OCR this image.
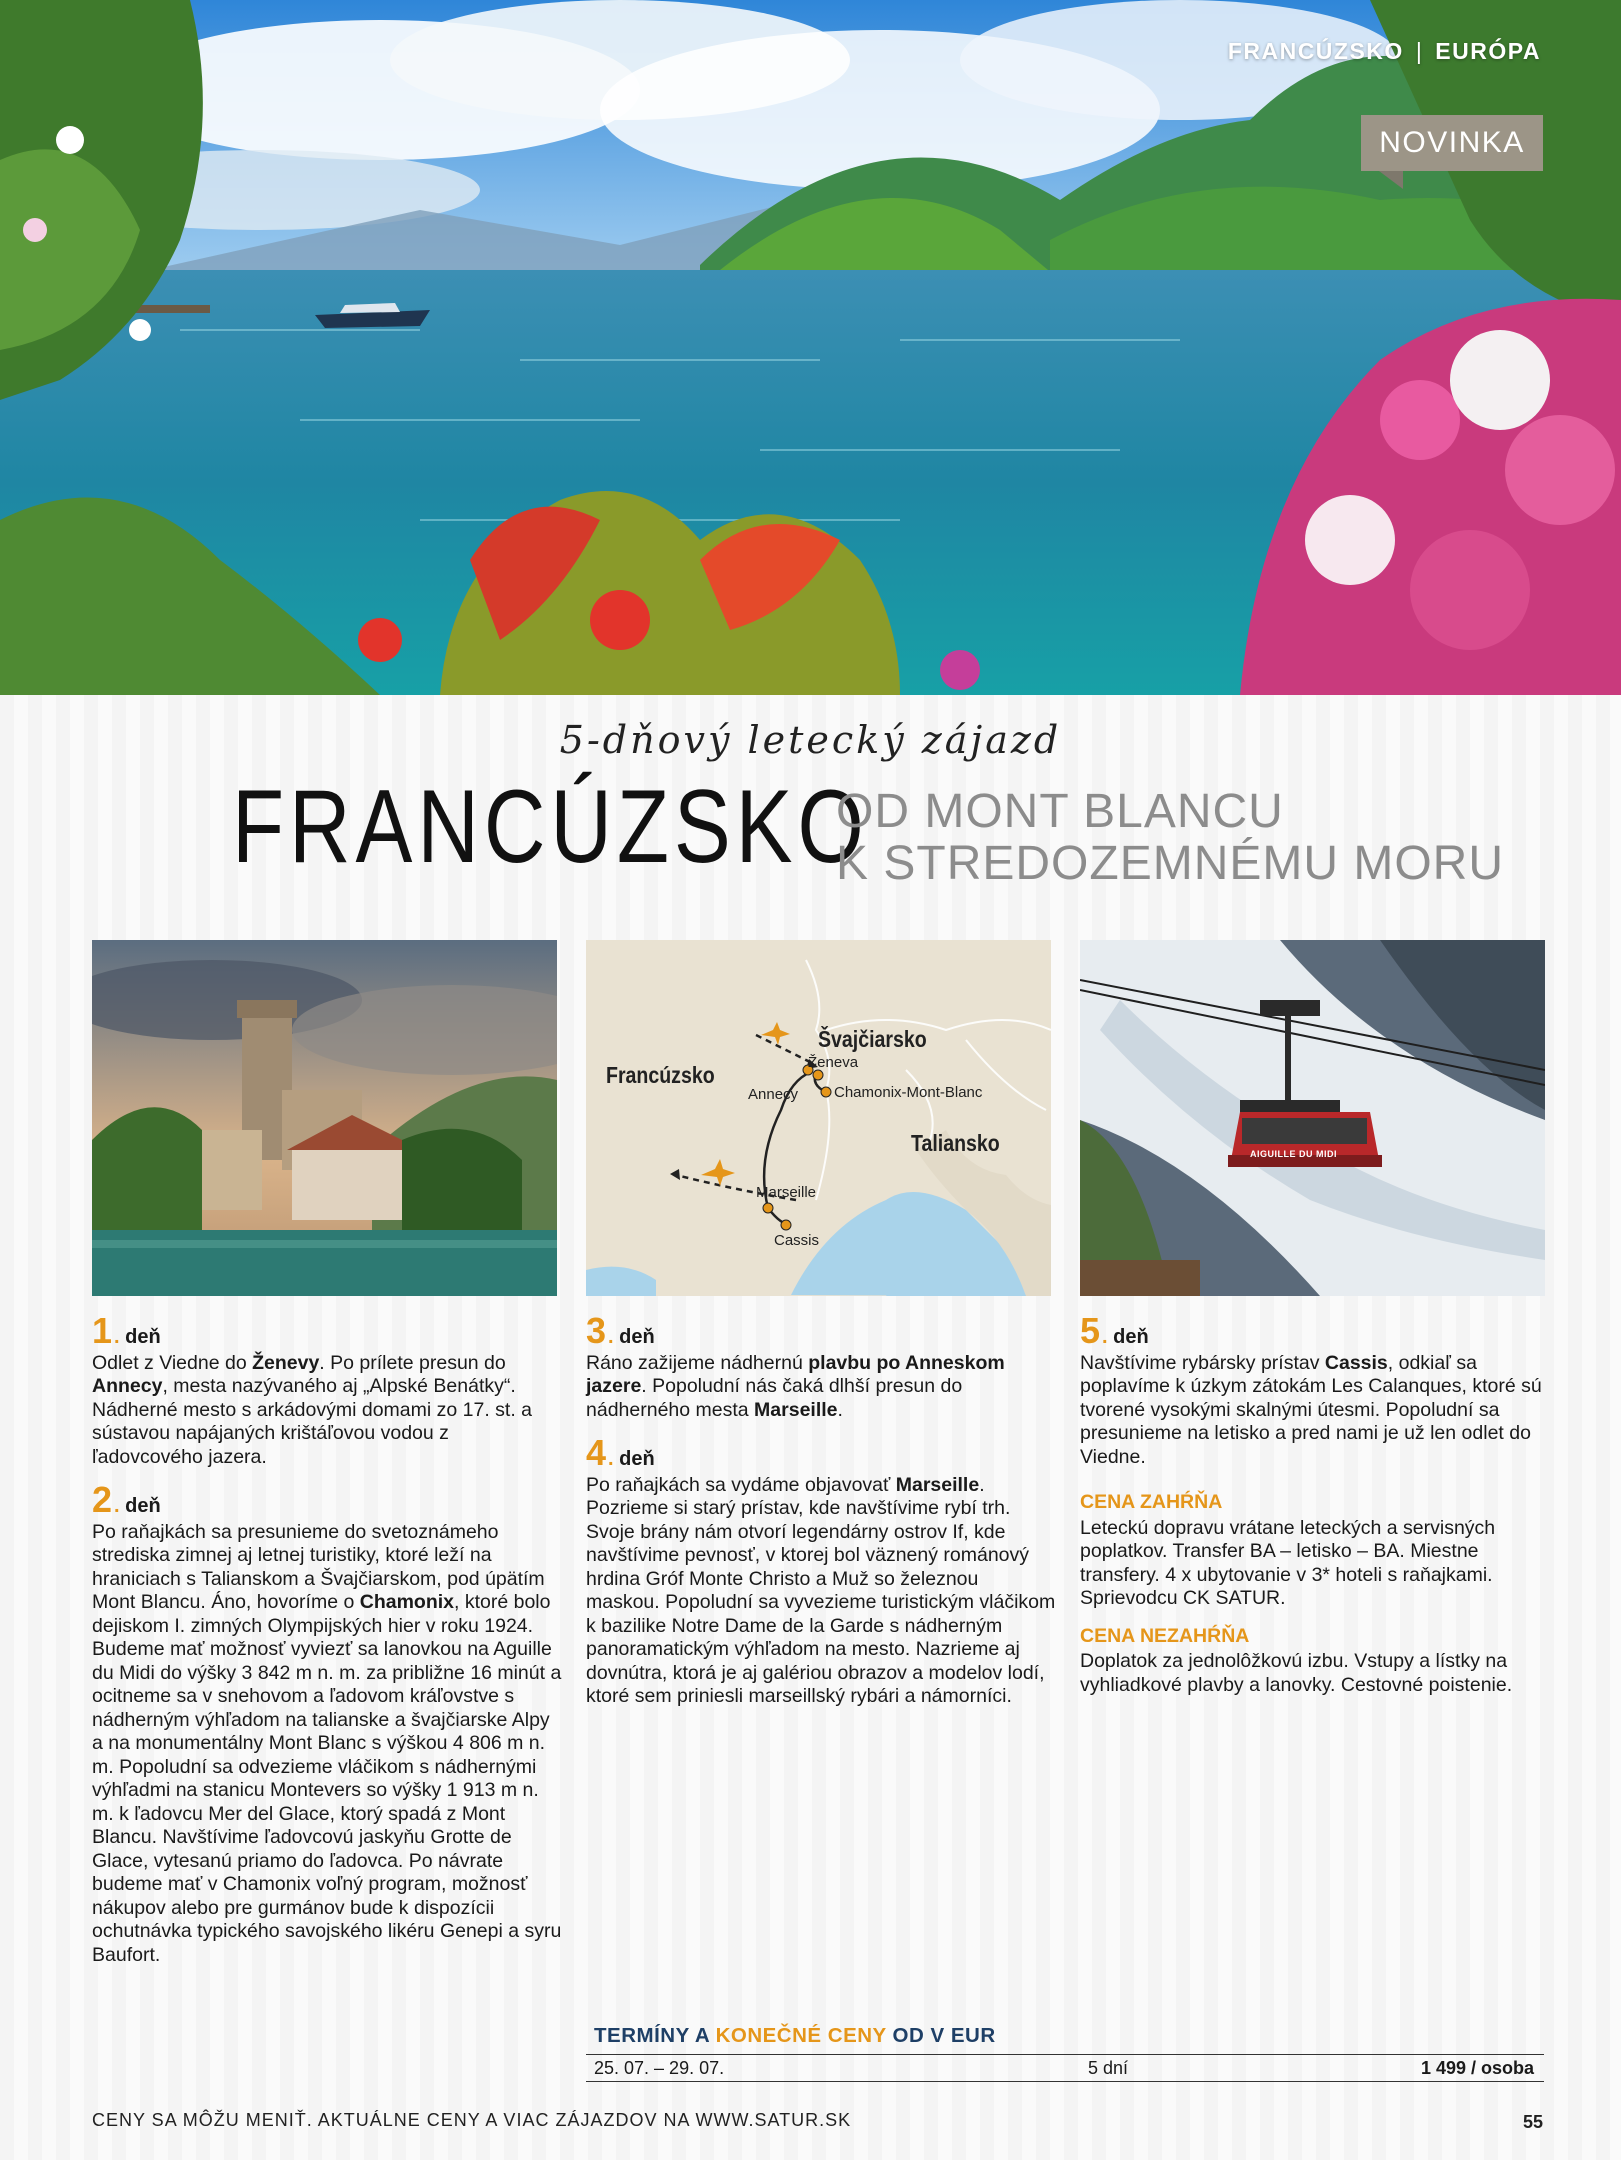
FRANCÚZSKO | EURÓPA
NOVINKA
5-dňový letecký zájazd
FRANCÚZSKO
OD MONT BLANCU
K STREDOZEMNÉMU MORU
Francúzsko
Švajčiarsko
Taliansko
Ženeva
Annecy Chamonix-Mont-Blanc
Marseille
Cassis
AIGUILLE DU MIDI
1 . deň
Odlet z Viedne do Ženevy. Po prílete presun do Annecy, mesta nazývaného aj „Alpské Benátky“. Nádherné mesto s arkádovými domami zo 17. st. a sústavou napájaných krištáľovou vodou z ľadovcového jazera.
2 . deň
Po raňajkách sa presunieme do svetoznámeho strediska zimnej aj letnej turistiky, ktoré leží na hraniciach s Talianskom a Švajčiarskom, pod úpätím Mont Blancu. Áno, hovoríme o Chamonix, ktoré bolo dejiskom I. zimných Olympijských hier v roku 1924. Budeme mať možnosť vyviezť sa lanovkou na Aguille du Midi do výšky 3 842 m n. m. za približne 16 minút a ocitneme sa v snehovom a ľadovom kráľovstve s nádherným výhľadom na talianske a švajčiarske Alpy a na monumentálny Mont Blanc s výškou 4 806 m n. m. Popoludní sa odvezieme vláčikom s nádhernými výhľadmi na stanicu Montevers so výšky 1 913 m n. m. k ľadovcu Mer del Glace, ktorý spadá z Mont Blancu. Navštívime ľadovcovú jaskyňu Grotte de Glace, vytesanú priamo do ľadovca. Po návrate budeme mať v Chamonix voľný program, možnosť nákupov alebo pre gurmánov bude k dispozícii ochutnávka typického savojského likéru Genepi a syru Baufort.
3 . deň
Ráno zažijeme nádhernú plavbu po Anneskom jazere. Popoludní nás čaká dlhší presun do nádherného mesta Marseille.
4 . deň
Po raňajkách sa vydáme objavovať Marseille. Pozrieme si starý prístav, kde navštívime rybí trh. Svoje brány nám otvorí legendárny ostrov If, kde navštívime pevnosť, v ktorej bol väznený románový hrdina Gróf Monte Christo a Muž so železnou maskou. Popoludní sa vyvezieme turistickým vláčikom k bazilike Notre Dame de la Garde s nádherným panoramatickým výhľadom na mesto. Nazrieme aj dovnútra, ktorá je aj galériou obrazov a modelov lodí, ktoré sem priniesli marseillský rybári a námorníci.
5 . deň
Navštívime rybársky prístav Cassis, odkiaľ sa poplavíme k úzkym zátokám Les Calanques, ktoré sú tvorené vysokými skalnými útesmi. Popoludní sa presunieme na letisko a pred nami je už len odlet do Viedne.
CENA ZAHŔŇA
Leteckú dopravu vrátane leteckých a servisných poplatkov. Transfer BA – letisko – BA. Miestne transfery. 4 x ubytovanie v 3* hoteli s raňajkami. Sprievodcu CK SATUR.
CENA NEZAHŔŇA
Doplatok za jednolôžkovú izbu. Vstupy a lístky na vyhliadkové plavby a lanovky. Cestovné poistenie.
TERMÍNY A KONEČNÉ CENY OD V EUR
25. 07. – 29. 07.	5 dní	1 499 / osoba
CENY SA MÔŽU MENIŤ. AKTUÁLNE CENY A VIAC ZÁJAZDOV NA WWW.SATUR.SK	55
